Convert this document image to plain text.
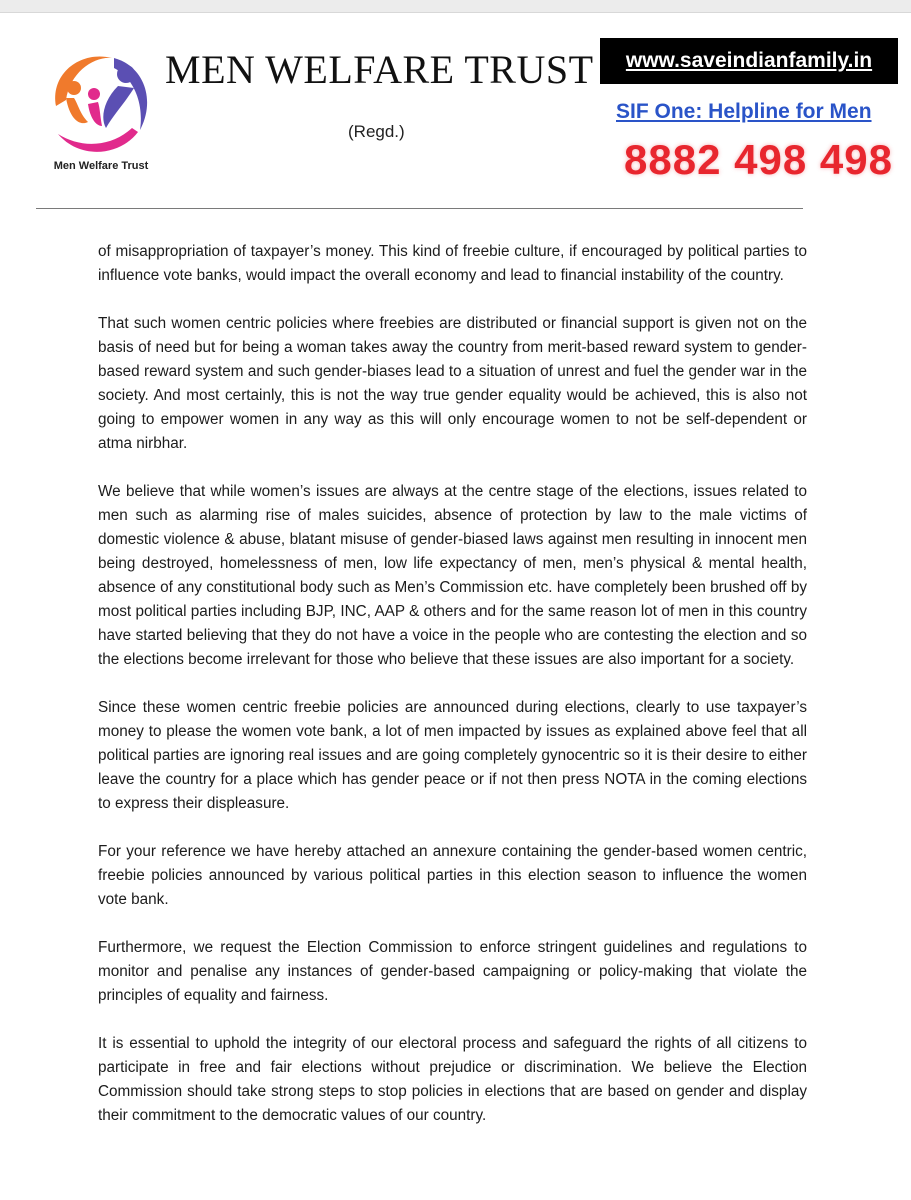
Men Welfare Trust
MEN WELFARE TRUST
(Regd.)
www.saveindianfamily.in
SIF One: Helpline for Men
8882 498 498

of misappropriation of taxpayer’s money. This kind of freebie culture, if encouraged by political parties to influence vote banks, would impact the overall economy and lead to financial instability of the country.

That such women centric policies where freebies are distributed or financial support is given not on the basis of need but for being a woman takes away the country from merit-based reward system to gender-based reward system and such gender-biases lead to a situation of unrest and fuel the gender war in the society. And most certainly, this is not the way true gender equality would be achieved, this is also not going to empower women in any way as this will only encourage women to not be self-dependent or atma nirbhar.

We believe that while women’s issues are always at the centre stage of the elections, issues related to men such as alarming rise of males suicides, absence of protection by law to the male victims of domestic violence & abuse, blatant misuse of gender-biased laws against men resulting in innocent men being destroyed, homelessness of men, low life expectancy of men, men’s physical & mental health, absence of any constitutional body such as Men’s Commission etc. have completely been brushed off by most political parties including BJP, INC, AAP & others and for the same reason lot of men in this country have started believing that they do not have a voice in the people who are contesting the election and so the elections become irrelevant for those who believe that these issues are also important for a society.

Since these women centric freebie policies are announced during elections, clearly to use taxpayer’s money to please the women vote bank, a lot of men impacted by issues as explained above feel that all political parties are ignoring real issues and are going completely gynocentric so it is their desire to either leave the country for a place which has gender peace or if not then press NOTA in the coming elections to express their displeasure.

For your reference we have hereby attached an annexure containing the gender-based women centric, freebie policies announced by various political parties in this election season to influence the women vote bank.

Furthermore, we request the Election Commission to enforce stringent guidelines and regulations to monitor and penalise any instances of gender-based campaigning or policy-making that violate the principles of equality and fairness.

It is essential to uphold the integrity of our electoral process and safeguard the rights of all citizens to participate in free and fair elections without prejudice or discrimination. We believe the Election Commission should take strong steps to stop policies in elections that are based on gender and display their commitment to the democratic values of our country.
